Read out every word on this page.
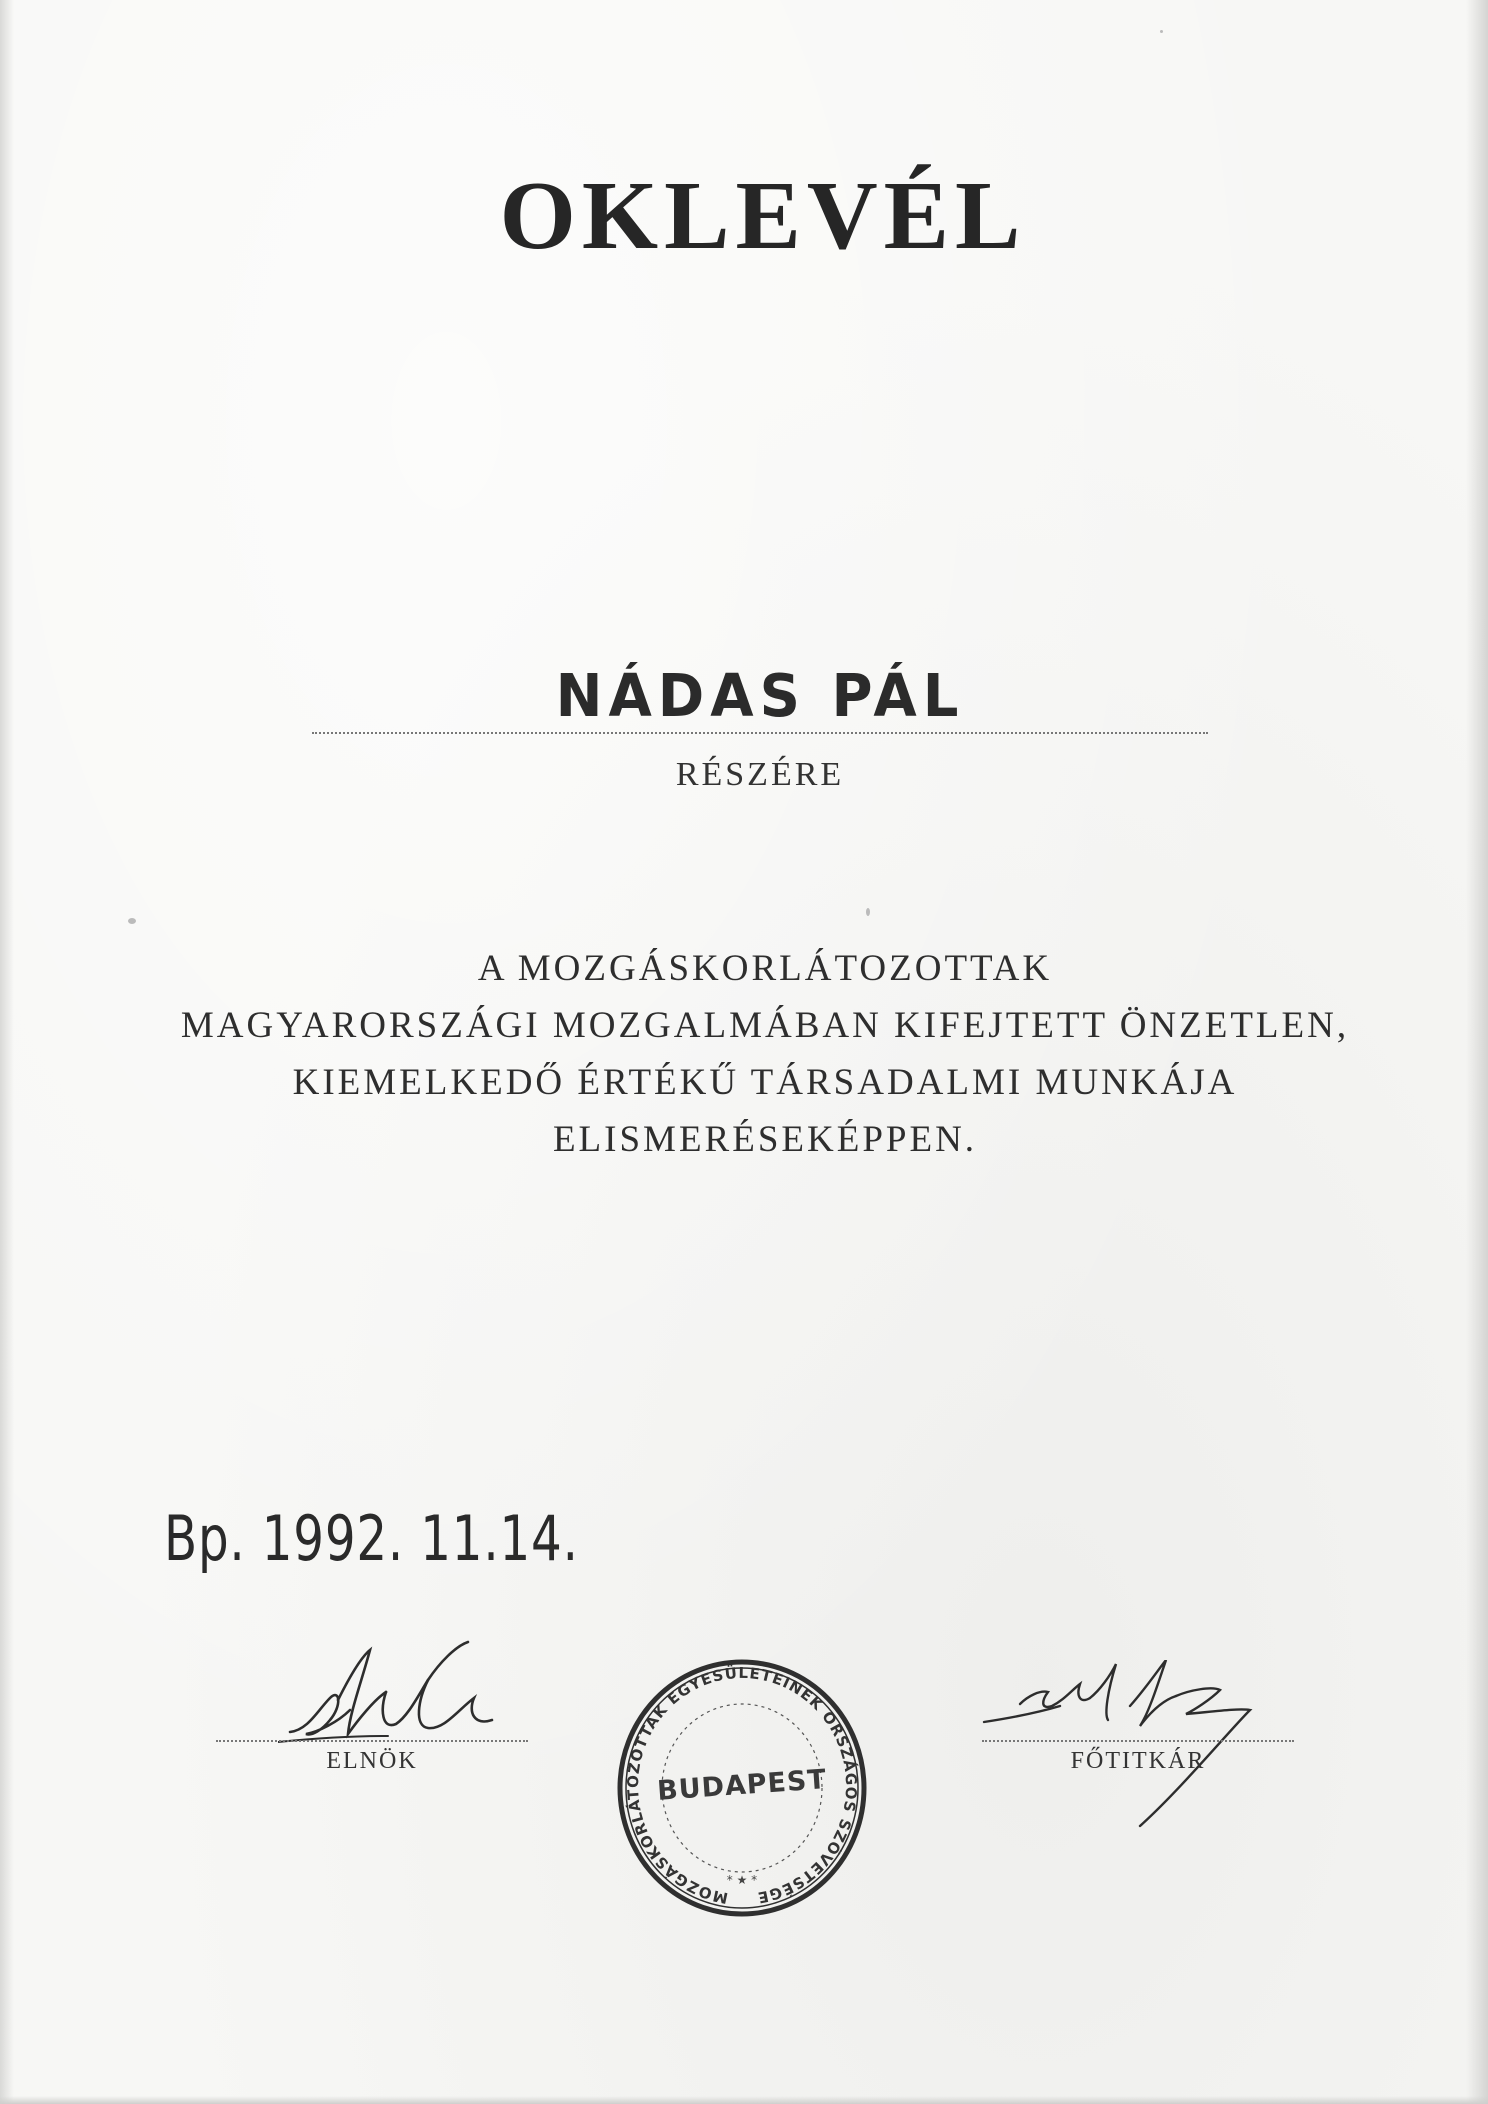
OKLEVÉL
NÁDAS PÁL
RÉSZÉRE
A MOZGÁSKORLÁTOZOTTAK
MAGYARORSZÁGI MOZGALMÁBAN KIFEJTETT ÖNZETLEN,
KIEMELKEDŐ ÉRTÉKŰ TÁRSADALMI MUNKÁJA
ELISMERÉSEKÉPPEN.
Bp. 1992. 11.14.
ELNÖK	FŐTITKÁR
MOZGÁSKORLÁTOZOTTAK EGYESÜLETEINEK ORSZÁGOS SZÖVETSÉGE
* ★ *
BUDAPEST
